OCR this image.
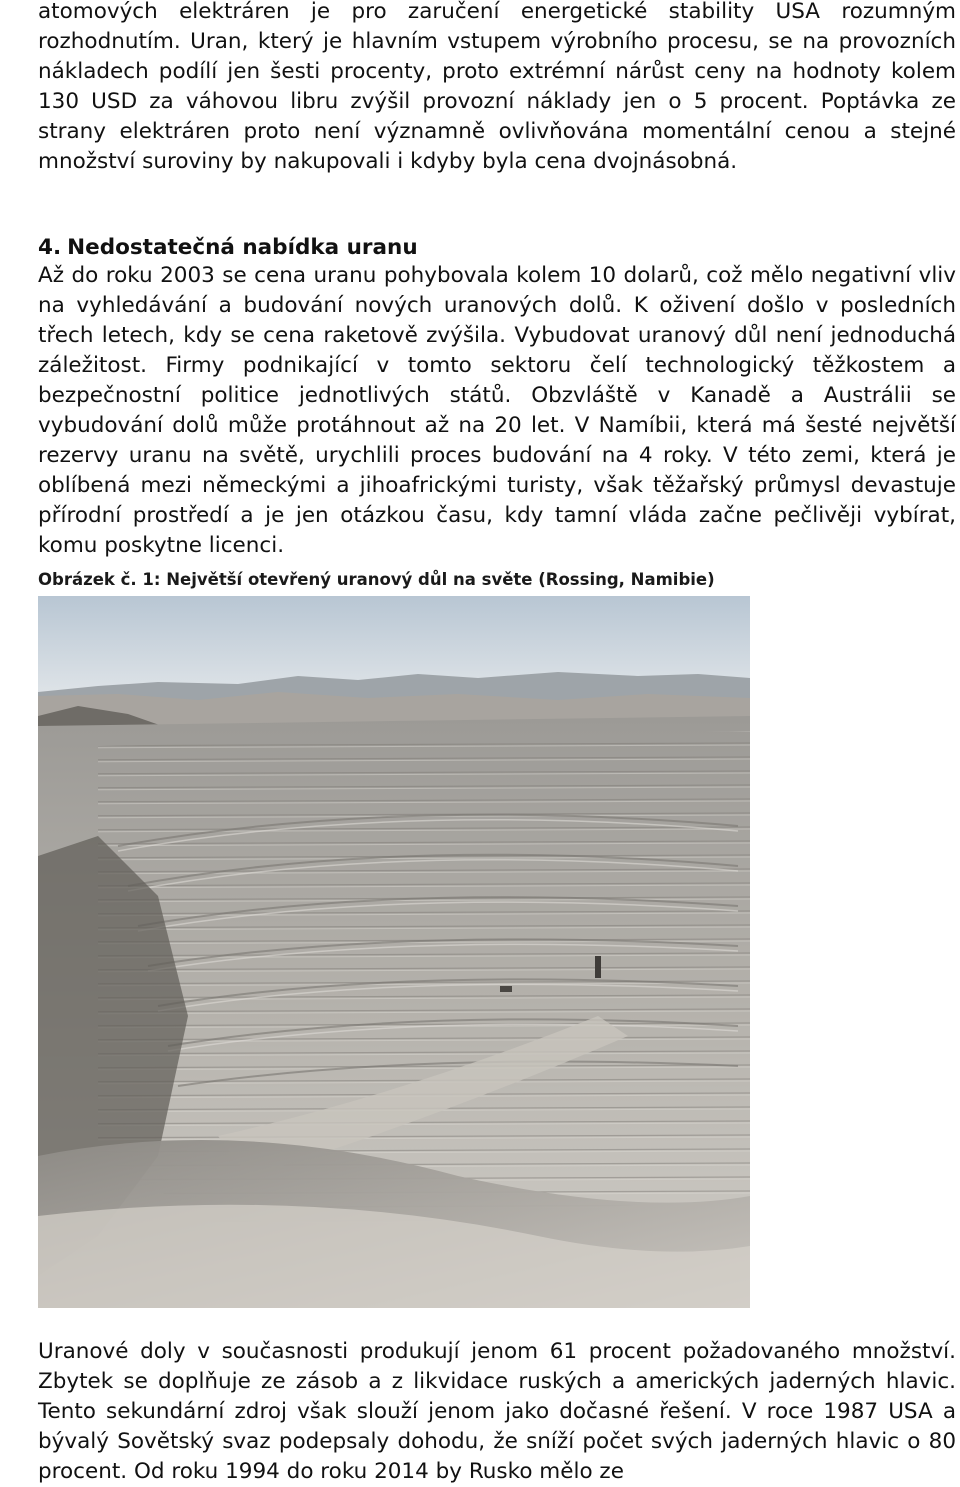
atomových elektráren je pro zaručení energetické stability USA rozumným rozhodnutím. Uran, který je hlavním vstupem výrobního procesu, se na provozních nákladech podílí jen šesti procenty, proto extrémní nárůst ceny na hodnoty kolem 130 USD za váhovou libru zvýšil provozní náklady jen o 5 procent. Poptávka ze strany elektráren proto není významně ovlivňována momentální cenou a stejné množství suroviny by nakupovali i kdyby byla cena dvojnásobná.

4. Nedostatečná nabídka uranu

Až do roku 2003 se cena uranu pohybovala kolem 10 dolarů, což mělo negativní vliv na vyhledávání a budování nových uranových dolů. K oživení došlo v posledních třech letech, kdy se cena raketově zvýšila. Vybudovat uranový důl není jednoduchá záležitost. Firmy podnikající v tomto sektoru čelí technologický těžkostem a bezpečnostní politice jednotlivých států. Obzvláště v Kanadě a Austrálii se vybudování dolů může protáhnout až na 20 let. V Namíbii, která má šesté největší rezervy uranu na světě, urychlili proces budování na 4 roky. V této zemi, která je oblíbená mezi německými a jihoafrickými turisty, však těžařský průmysl devastuje přírodní prostředí a je jen otázkou času, kdy tamní vláda začne pečlivěji vybírat, komu poskytne licenci.

Obrázek č. 1: Největší otevřený uranový důl na světe (Rossing, Namibie)

Uranové doly v současnosti produkují jenom 61 procent požadovaného množství. Zbytek se doplňuje ze zásob a z likvidace ruských a amerických jaderných hlavic. Tento sekundární zdroj však slouží jenom jako dočasné řešení. V roce 1987 USA a bývalý Sovětský svaz podepsaly dohodu, že sníží počet svých jaderných hlavic o 80 procent. Od roku 1994 do roku 2014 by Rusko mělo ze
